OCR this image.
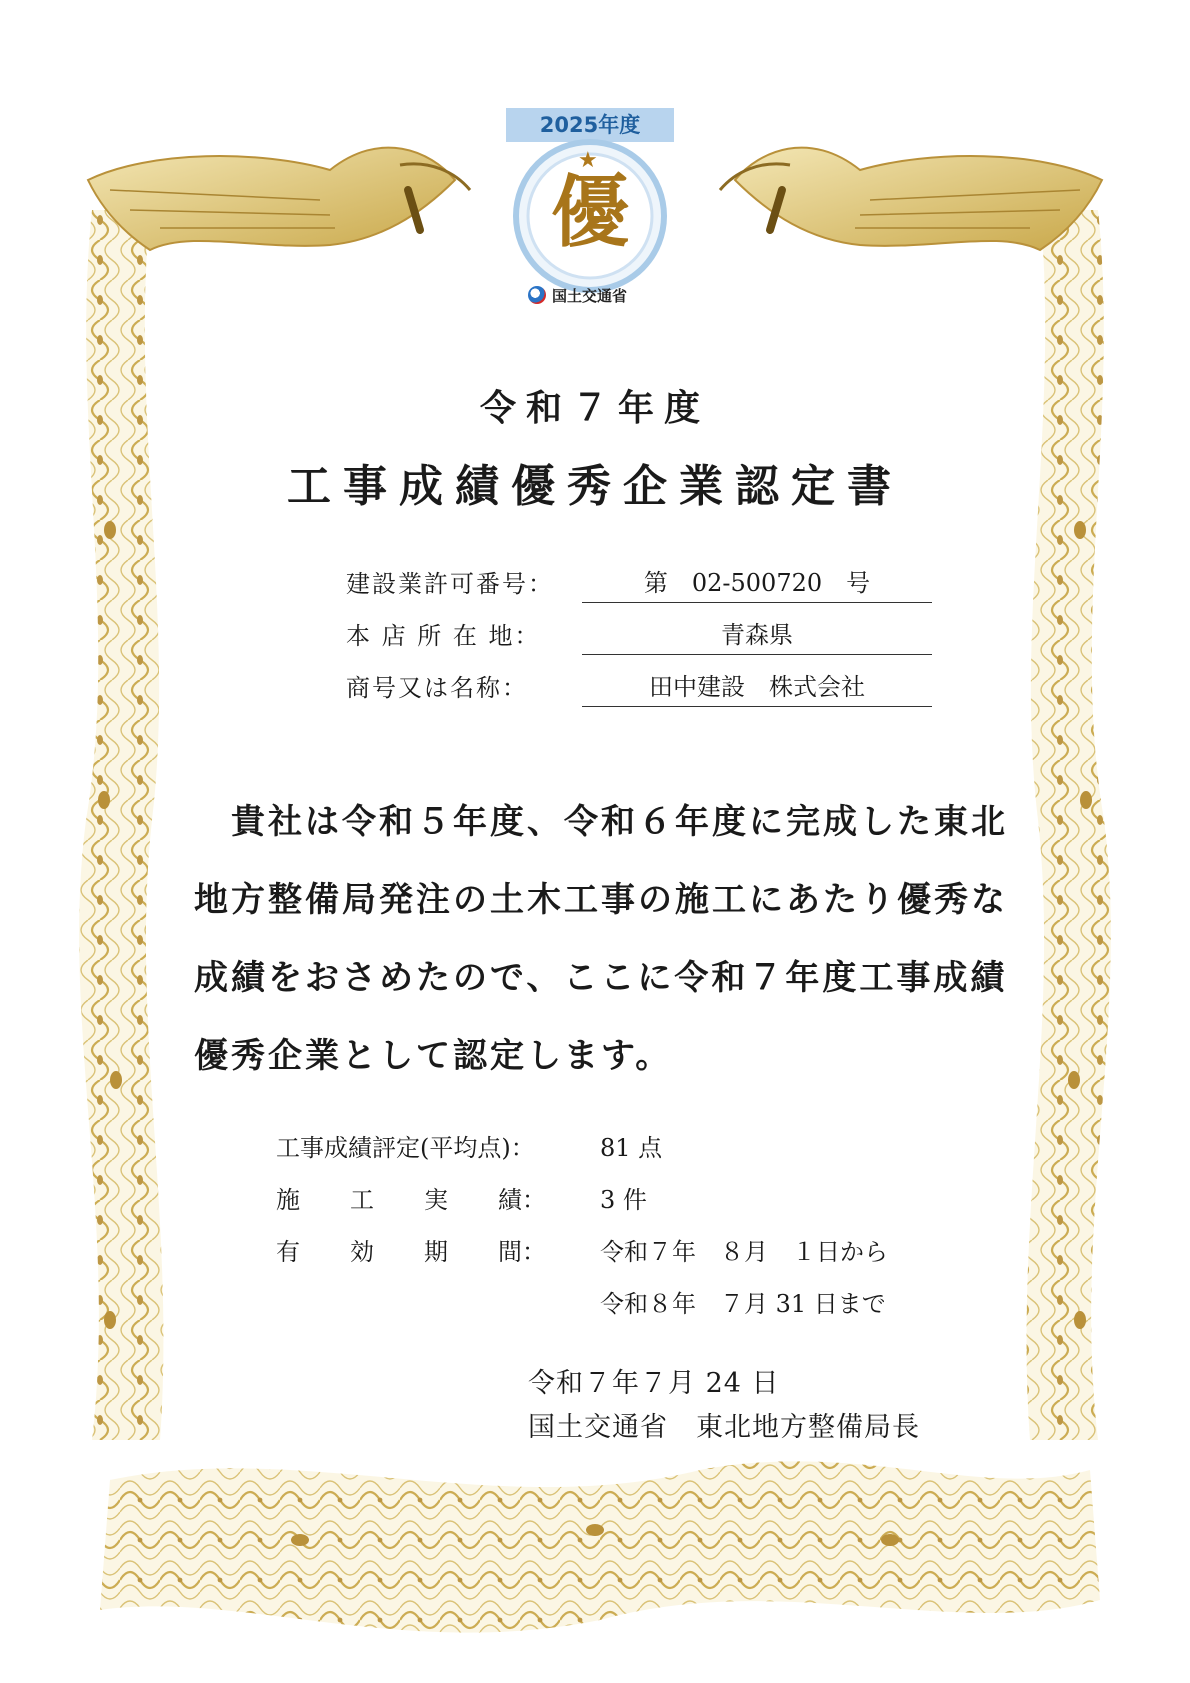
2025年度
★
優
国土交通省
令和７年度
工事成績優秀企業認定書
建設業許可番号：	第　02-500720　号
本 店 所 在 地：	青森県
商号又は名称：	田中建設　株式会社
　貴社は令和５年度、令和６年度に完成した東北
地方整備局発注の土木工事の施工にあたり優秀な
成績をおさめたので、ここに令和７年度工事成績
優秀企業として認定します。
工事成績評定(平均点)：	81 点
施 工 実 績： 3 件
有 効 期 間： 令和７年　８月　１日から
令和８年　７月 31 日まで
令和７年７月 24 日
国土交通省　東北地方整備局長
